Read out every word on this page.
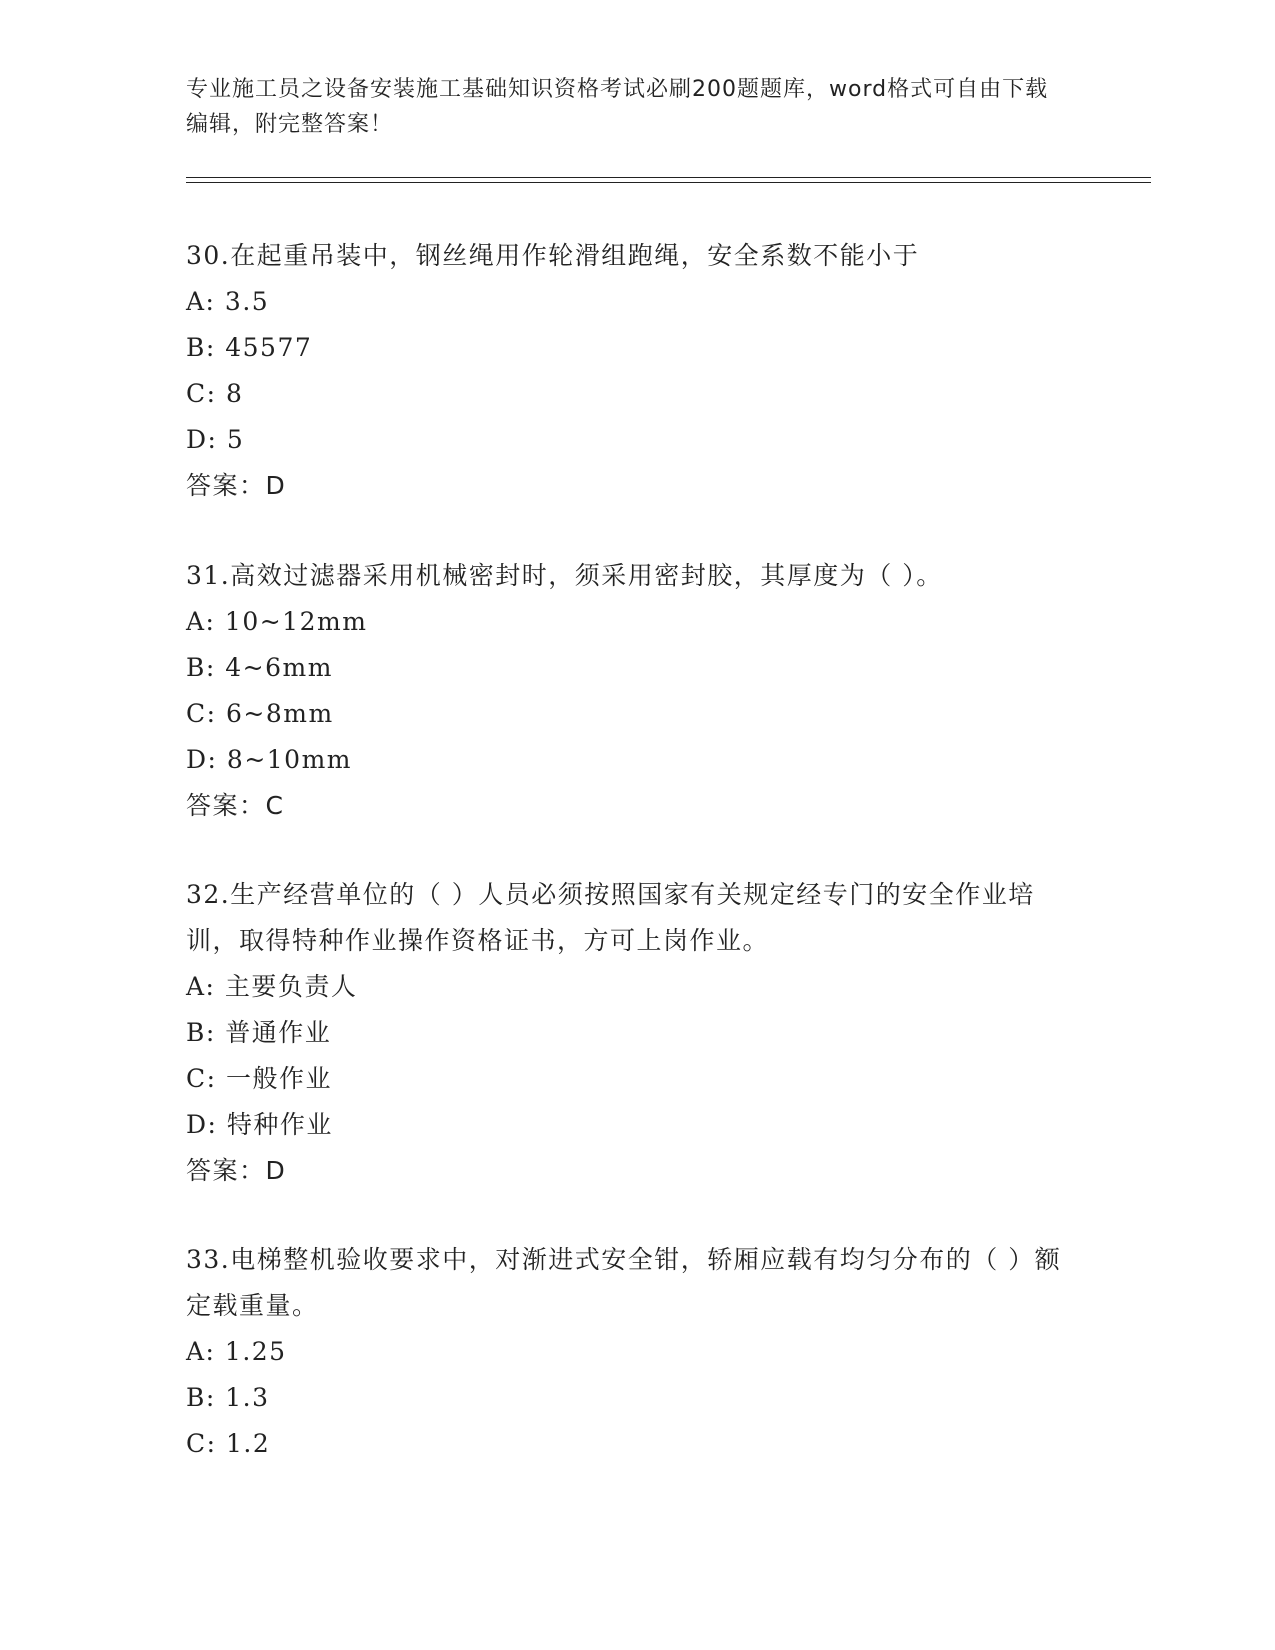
专业施工员之设备安装施工基础知识资格考试必刷200题题库，word格式可自由下载编辑，附完整答案！

30.在起重吊装中，钢丝绳用作轮滑组跑绳，安全系数不能小于

A: 3.5

B: 45577

C: 8

D: 5

答案：D

31.高效过滤器采用机械密封时，须采用密封胶，其厚度为（ ）。

A: 10~12mm

B: 4~6mm

C: 6~8mm

D: 8~10mm

答案：C

32.生产经营单位的（ ）人员必须按照国家有关规定经专门的安全作业培训，取得特种作业操作资格证书，方可上岗作业。

A: 主要负责人

B: 普通作业

C: 一般作业

D: 特种作业

答案：D

33.电梯整机验收要求中，对渐进式安全钳，轿厢应载有均匀分布的（ ）额定载重量。

A: 1.25

B: 1.3

C: 1.2
